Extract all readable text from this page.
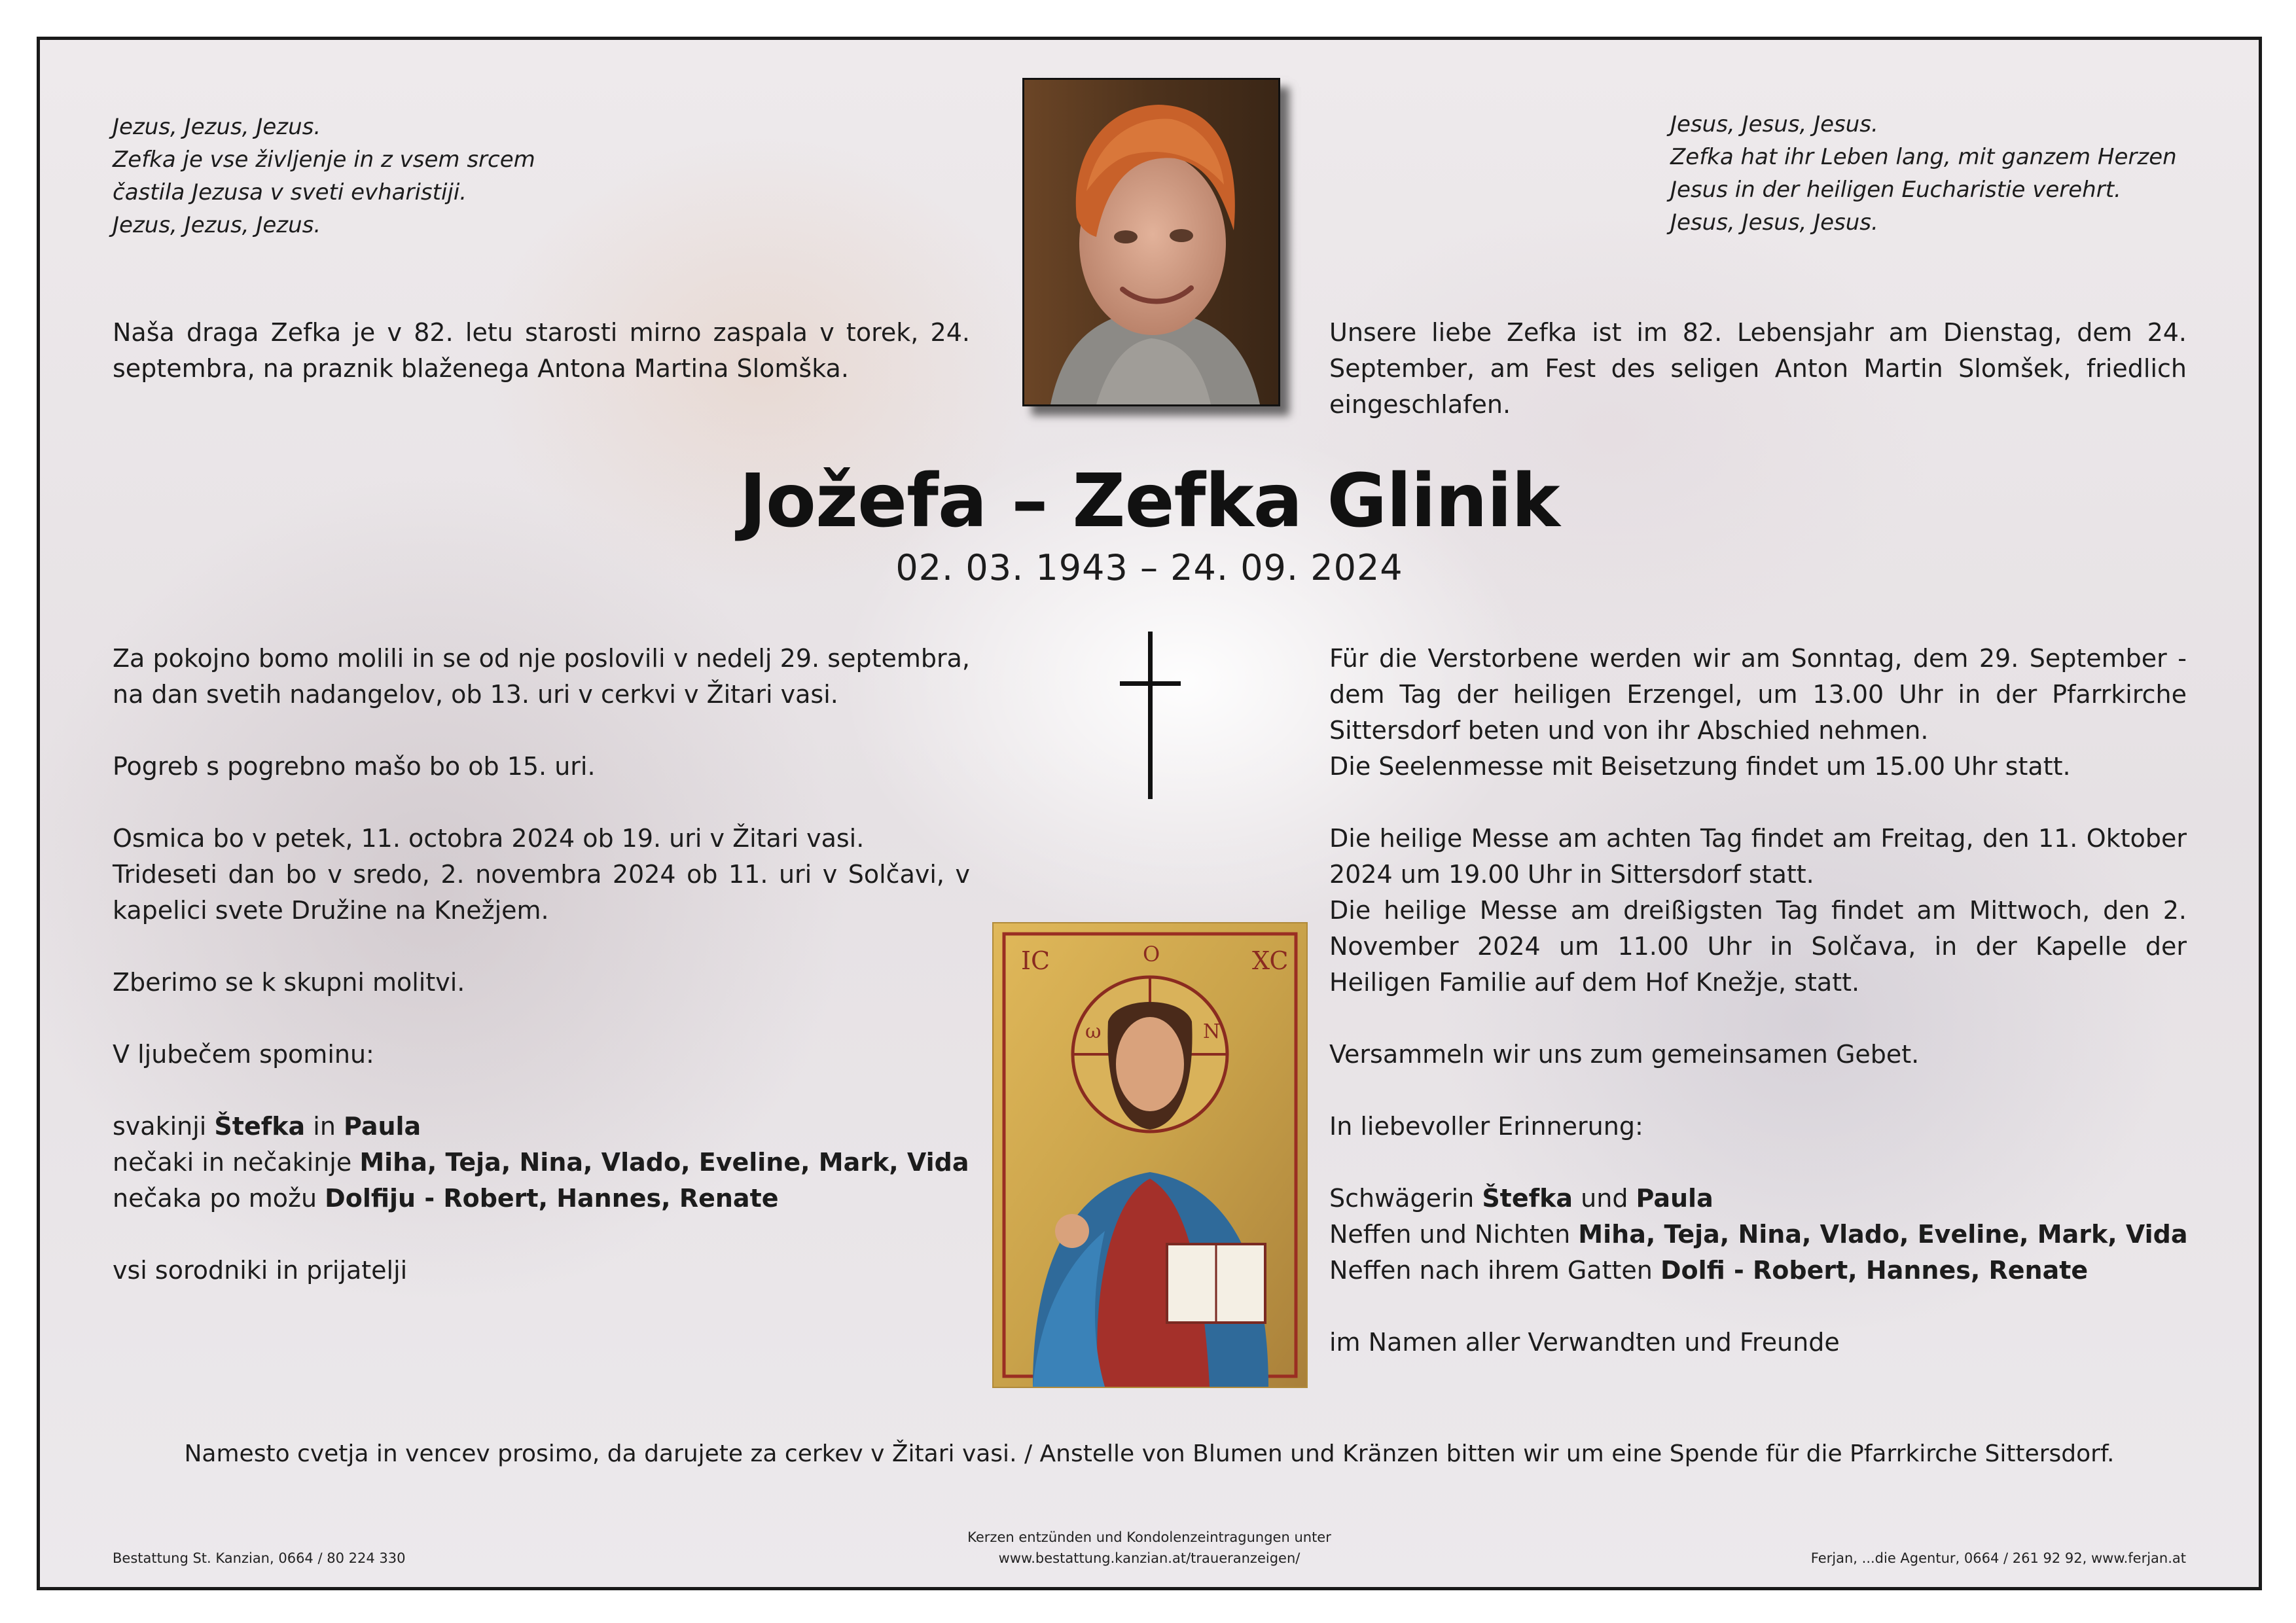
Jezus, Jezus, Jezus.
Zefka je vse življenje in z vsem srcem
častila Jezusa v sveti evharistiji.
Jezus, Jezus, Jezus.
Jesus, Jesus, Jesus.
Zefka hat ihr Leben lang, mit ganzem Herzen
Jesus in der heiligen Eucharistie verehrt.
Jesus, Jesus, Jesus.

Naša draga Zefka je v 82. letu starosti mirno zaspala v torek, 24. septembra, na praznik blaženega Antona Martina Slomška.

Unsere liebe Zefka ist im 82. Lebensjahr am Dienstag, dem 24. September, am Fest des seligen Anton Martin Slomšek, friedlich eingeschlafen.

Jožefa – Zefka Glinik
02. 03. 1943 – 24. 09. 2024

Za pokojno bomo molili in se od nje poslovili v nedelj 29. septembra, na dan svetih nadangelov, ob 13. uri v cerkvi v Žitari vasi.

Pogreb s pogrebno mašo bo ob 15. uri.

Osmica bo v petek, 11. octobra 2024 ob 19. uri v Žitari vasi.

Trideseti dan bo v sredo, 2. novembra 2024 ob 11. uri v Solčavi, v kapelici svete Družine na Knežjem.

Zberimo se k skupni molitvi.

V ljubečem spominu:

svakinji Štefka in Paula
nečaki in nečakinje Miha, Teja, Nina, Vlado, Eveline, Mark, Vida
nečaka po možu Dolfiju - Robert, Hannes, Renate
vsi sorodniki in prijatelji

Für die Verstorbene werden wir am Sonntag, dem 29. September - dem Tag der heiligen Erzengel, um 13.00 Uhr in der Pfarrkirche Sittersdorf beten und von ihr Abschied nehmen.

Die Seelenmesse mit Beisetzung findet um 15.00 Uhr statt.

Die heilige Messe am achten Tag findet am Freitag, den 11. Oktober 2024 um 19.00 Uhr in Sittersdorf statt.

Die heilige Messe am dreißigsten Tag findet am Mittwoch, den 2. November 2024 um 11.00 Uhr in Solčava, in der Kapelle der Heiligen Familie auf dem Hof Knežje, statt.

Versammeln wir uns zum gemeinsamen Gebet.

In liebevoller Erinnerung:

Schwägerin Štefka und Paula
Neffen und Nichten Miha, Teja, Nina, Vlado, Eveline, Mark, Vida
Neffen nach ihrem Gatten Dolfi - Robert, Hannes, Renate
im Namen aller Verwandten und Freunde
IC	O	XC
ω	N
Namesto cvetja in vencev prosimo, da darujete za cerkev v Žitari vasi. / Anstelle von Blumen und Kränzen bitten wir um eine Spende für die Pfarrkirche Sittersdorf.
Bestattung St. Kanzian, 0664 / 80 224 330
Kerzen entzünden und Kondolenzeintragungen unter
www.bestattung.kanzian.at/traueranzeigen/	Ferjan, ...die Agentur, 0664 / 261 92 92, www.ferjan.at
